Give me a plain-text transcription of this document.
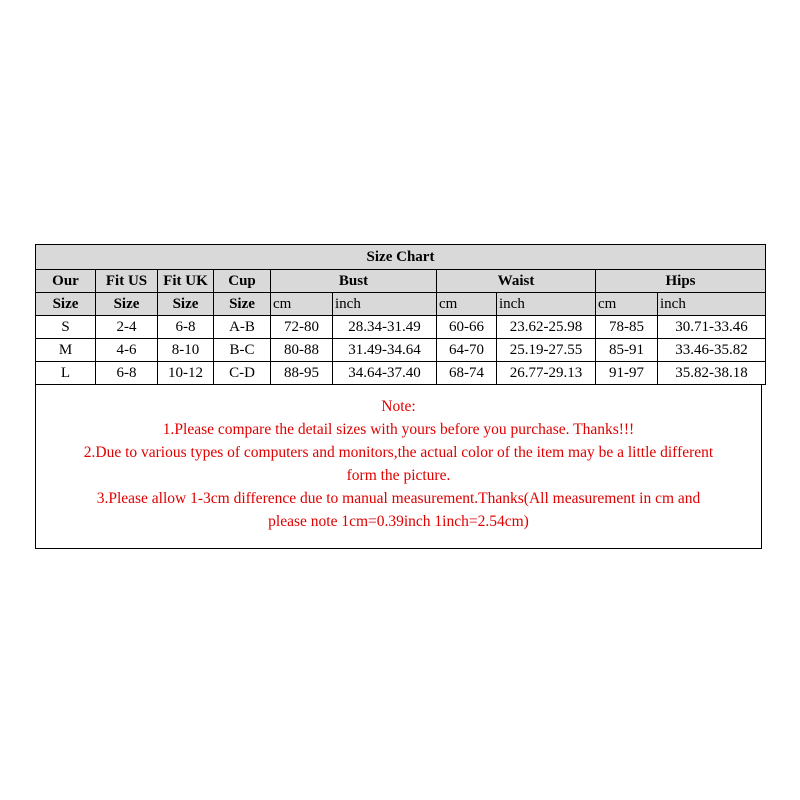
Size Chart									
Our	Fit US	Fit UK	Cup	Bust		Waist		Hips	
Size	Size	Size	Size	cm	inch	cm	inch	cm	inch
S	2-4	6-8	A-B	72-80	28.34-31.49	60-66	23.62-25.98	78-85	30.71-33.46
M	4-6	8-10	B-C	80-88	31.49-34.64	64-70	25.19-27.55	85-91	33.46-35.82
L	6-8	10-12	C-D	88-95	34.64-37.40	68-74	26.77-29.13	91-97	35.82-38.18
Note:
1.Please compare the detail sizes with yours before you purchase. Thanks!!!
2.Due to various types of computers and monitors,the actual color of the item may be a little different
form the picture.
3.Please allow 1-3cm difference due to manual measurement.Thanks(All measurement in cm and
please note 1cm=0.39inch 1inch=2.54cm)
